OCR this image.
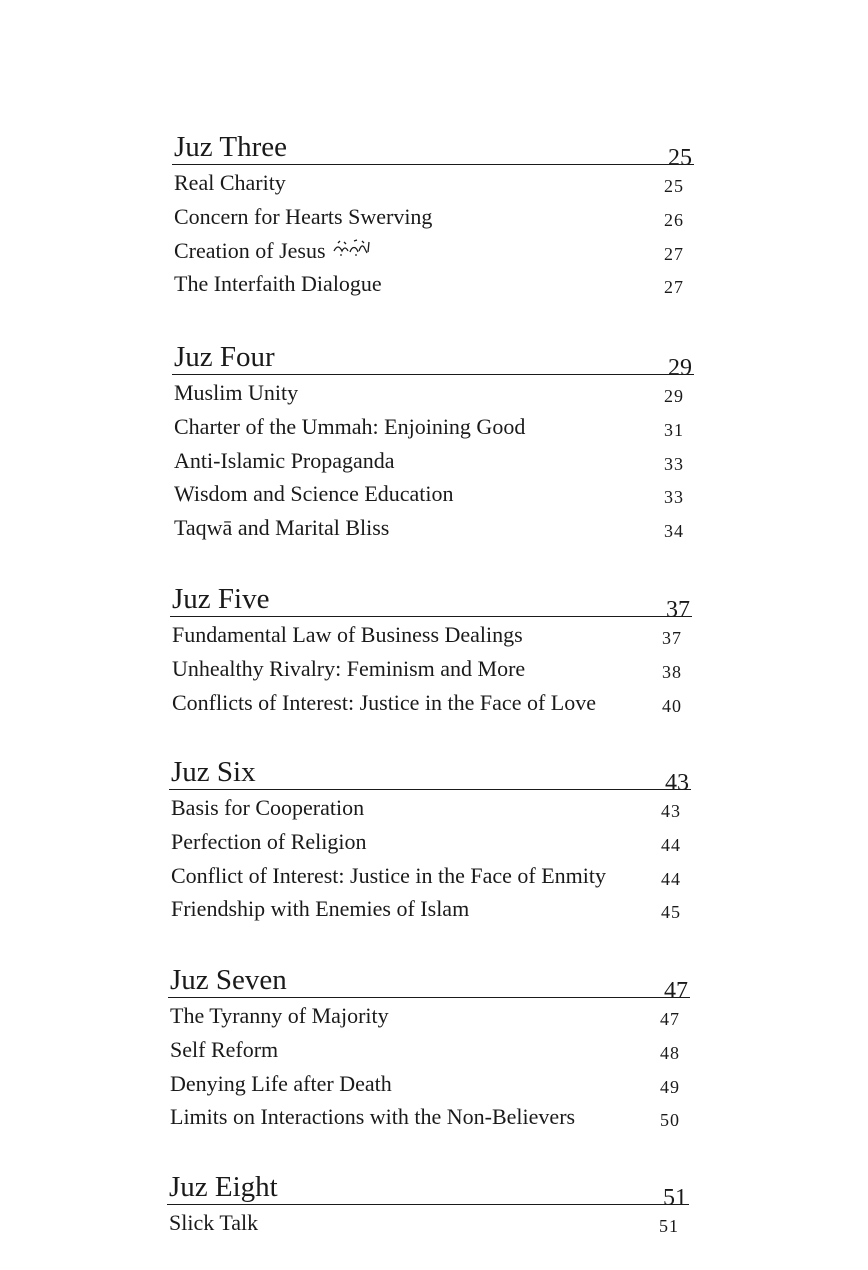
Juz Three	25
Real Charity	25
Concern for Hearts Swerving	26
Creation of Jesus	27
The Interfaith Dialogue	27
Juz Four	29
Muslim Unity	29
Charter of the Ummah: Enjoining Good	31
Anti-Islamic Propaganda	33
Wisdom and Science Education	33
Taqwā and Marital Bliss	34
Juz Five	37
Fundamental Law of Business Dealings	37
Unhealthy Rivalry: Feminism and More	38
Conflicts of Interest: Justice in the Face of Love	40
Juz Six	43
Basis for Cooperation	43
Perfection of Religion	44
Conflict of Interest: Justice in the Face of Enmity	44
Friendship with Enemies of Islam	45
Juz Seven	47
The Tyranny of Majority	47
Self Reform	48
Denying Life after Death	49
Limits on Interactions with the Non-Believers	50
Juz Eight	51
Slick Talk	51
